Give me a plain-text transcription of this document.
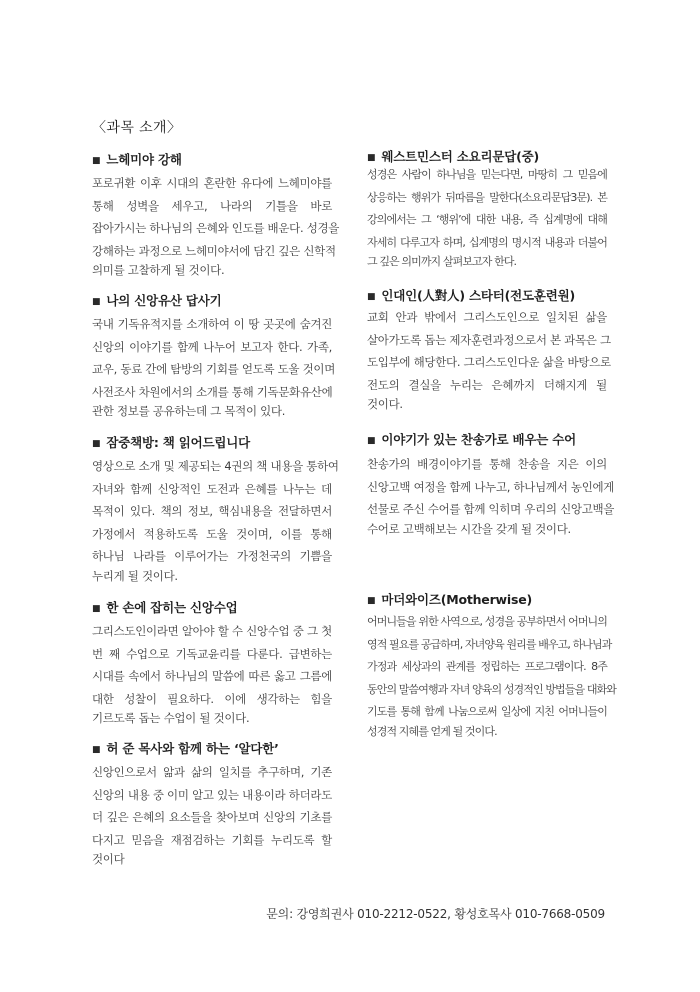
〈과목 소개〉
문의: 강영희권사 010-2212-0522, 황성호목사 010-7668-0509
■ 느헤미야 강해
포로귀환 이후 시대의 혼란한 유다에 느헤미야를
통해 성벽을 세우고, 나라의 기틀을 바로
잡아가시는 하나님의 은혜와 인도를 배운다. 성경을
강해하는 과정으로 느헤미야서에 담긴 깊은 신학적
의미를 고찰하게 될 것이다.
■ 나의 신앙유산 답사기
국내 기독유적지를 소개하여 이 땅 곳곳에 숨겨진
신앙의 이야기를 함께 나누어 보고자 한다. 가족,
교우, 동료 간에 탐방의 기회를 얻도록 도울 것이며
사전조사 차원에서의 소개를 통해 기독문화유산에
관한 정보를 공유하는데 그 목적이 있다.
■ 잠중책방: 책 읽어드립니다
영상으로 소개 및 제공되는 4권의 책 내용을 통하여
자녀와 함께 신앙적인 도전과 은혜를 나누는 데
목적이 있다. 책의 정보, 핵심내용을 전달하면서
가정에서 적용하도록 도울 것이며, 이를 통해
하나님 나라를 이루어가는 가정천국의 기쁨을
누리게 될 것이다.
■ 한 손에 잡히는 신앙수업
그리스도인이라면 알아야 할 수 신앙수업 중 그 첫
번 째 수업으로 기독교윤리를 다룬다. 급변하는
시대를 속에서 하나님의 말씀에 따른 옳고 그름에
대한 성찰이 필요하다. 이에 생각하는 힘을
기르도록 돕는 수업이 될 것이다.
■ 허 준 목사와 함께 하는 ‘알다한’
신앙인으로서 앎과 삶의 일치를 추구하며, 기존
신앙의 내용 중 이미 알고 있는 내용이라 하더라도
더 깊은 은혜의 요소들을 찾아보며 신앙의 기초를
다지고 믿음을 재점검하는 기회를 누리도록 할
것이다
■ 웨스트민스터 소요리문답(중)
성경은 사람이 하나님을 믿는다면, 마땅히 그 믿음에
상응하는 행위가 뒤따름을 말한다(소요리문답3문). 본
강의에서는 그 ‘행위’에 대한 내용, 즉 십계명에 대해
자세히 다루고자 하며, 십계명의 명시적 내용과 더불어
그 깊은 의미까지 살펴보고자 한다.
■ 인대인(人對人) 스타터(전도훈련원)
교회 안과 밖에서 그리스도인으로 일치된 삶을
살아가도록 돕는 제자훈련과정으로서 본 과목은 그
도입부에 해당한다. 그리스도인다운 삶을 바탕으로
전도의 결실을 누리는 은혜까지 더해지게 될
것이다.
■ 이야기가 있는 찬송가로 배우는 수어
찬송가의 배경이야기를 통해 찬송을 지은 이의
신앙고백 여정을 함께 나누고, 하나님께서 농인에게
선물로 주신 수어를 함께 익히며 우리의 신앙고백을
수어로 고백해보는 시간을 갖게 될 것이다.
■ 마더와이즈(Motherwise)
어머니들을 위한 사역으로, 성경을 공부하면서 어머니의
영적 필요를 공급하며, 자녀양육 원리를 배우고, 하나님과
가정과 세상과의 관계를 정립하는 프로그램이다. 8주
동안의 말씀여행과 자녀 양육의 성경적인 방법들을 대화와
기도를 통해 함께 나눔으로써 일상에 지친 어머니들이
성경적 지혜를 얻게 될 것이다.
